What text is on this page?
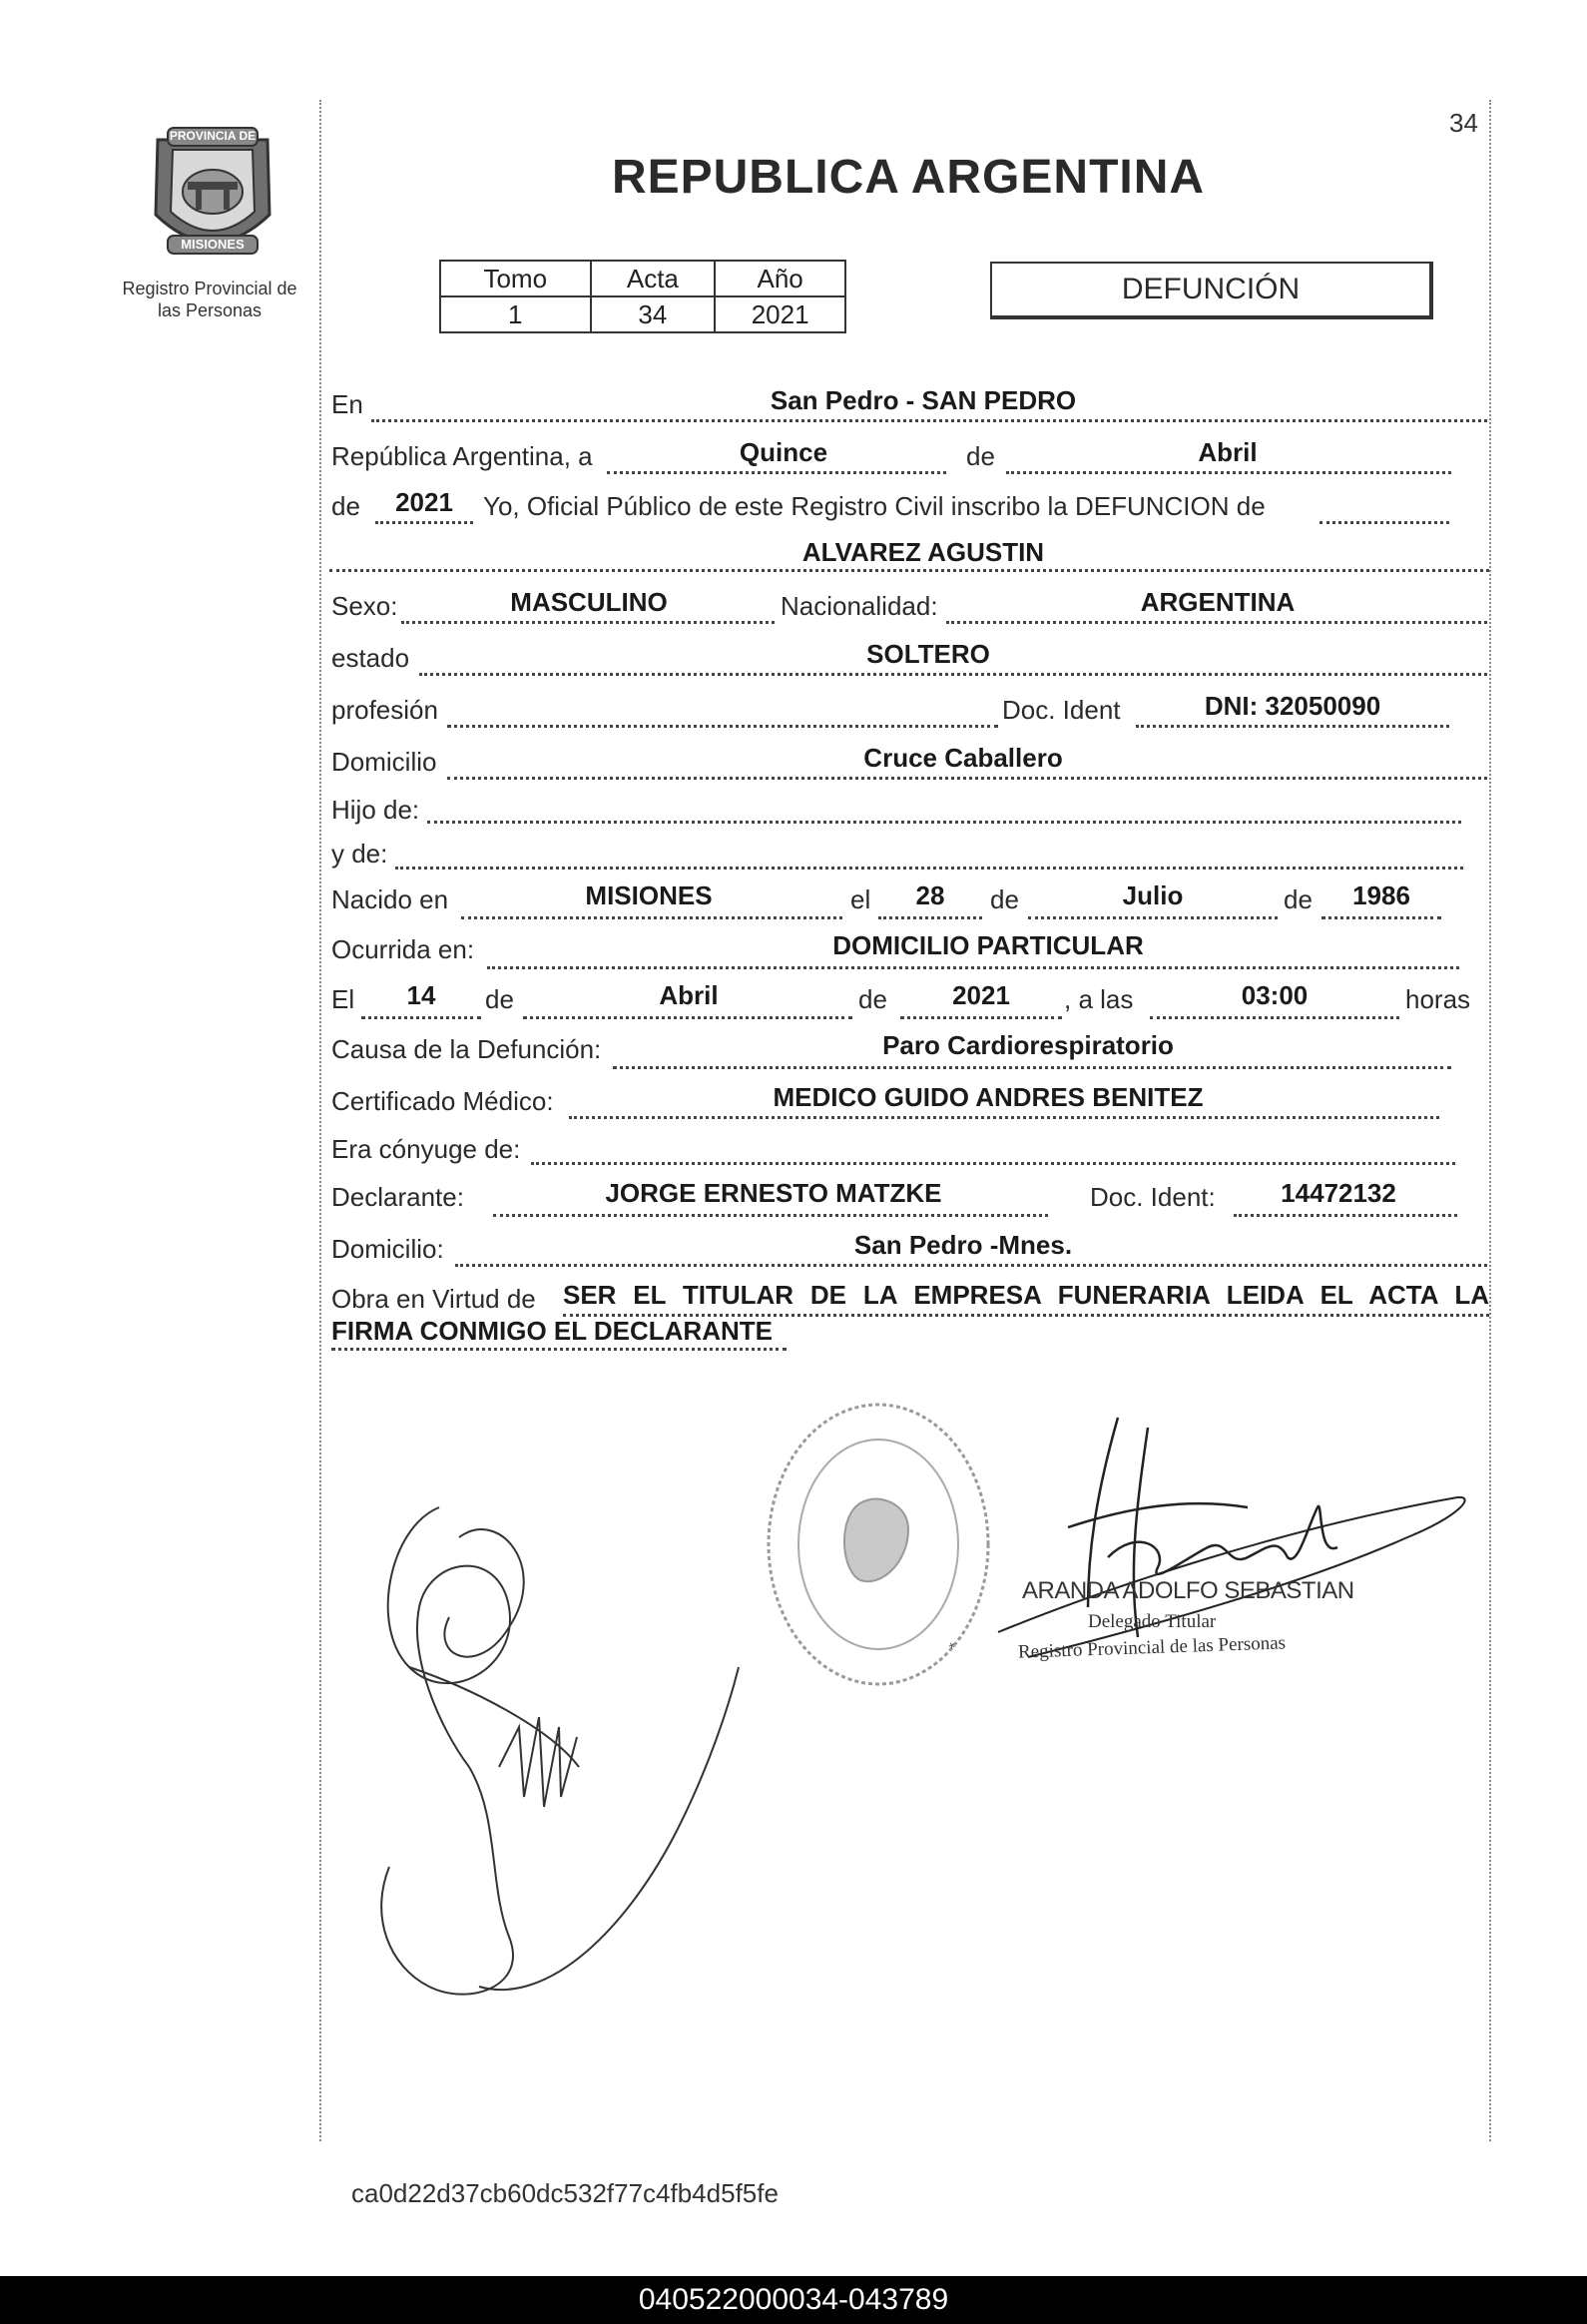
PROVINCIA DE
MISIONES
Registro Provincial de
las Personas
34
REPUBLICA ARGENTINA
Tomo	Acta	Año
1	34	2021
DEFUNCIÓN
En	San Pedro - SAN PEDRO
República Argentina, a	Quince	de	Abril
de	2021	Yo, Oficial Público de este Registro Civil inscribo la DEFUNCION de
ALVAREZ AGUSTIN
Sexo:	MASCULINO	Nacionalidad:	ARGENTINA
estado	SOLTERO
profesión	Doc. Ident	DNI: 32050090
Domicilio	Cruce Caballero
Hijo de:
y de:
Nacido en	MISIONES	el	28	de	Julio	de	1986
Ocurrida en:	DOMICILIO PARTICULAR
El	14	de	Abril	de	2021	, a las	03:00	horas
Causa de la Defunción:	Paro Cardiorespiratorio
Certificado Médico:	MEDICO GUIDO ANDRES BENITEZ
Era cónyuge de:
Declarante:	JORGE ERNESTO MATZKE	Doc. Ident:	14472132
Domicilio:	San Pedro -Mnes.
Obra en Virtud de SER EL TITULAR DE LA EMPRESA FUNERARIA LEIDA EL ACTA LA
FIRMA CONMIGO EL DECLARANTE
*
ARANDA ADOLFO SEBASTIAN
Delegado Titular
Registro Provincial de las Personas
ca0d22d37cb60dc532f77c4fb4d5f5fe
040522000034-043789
